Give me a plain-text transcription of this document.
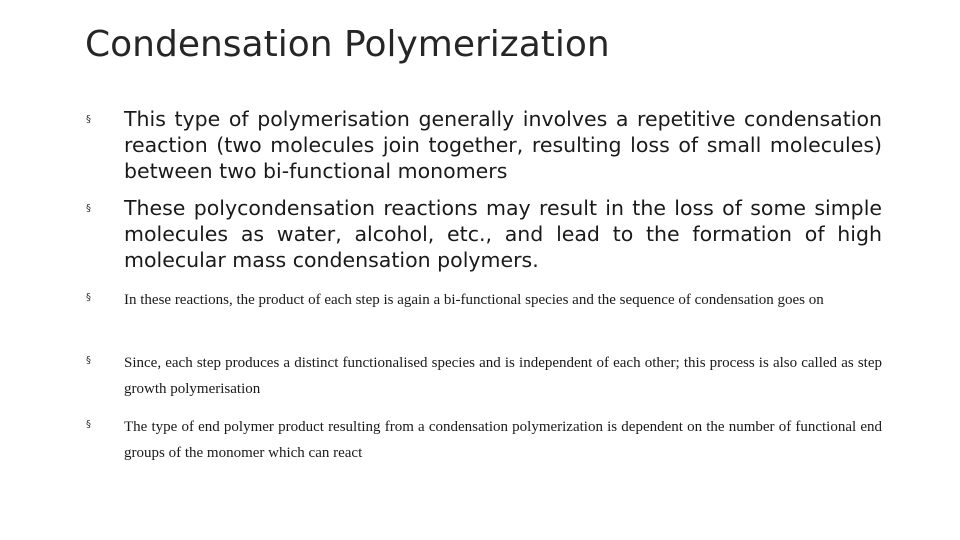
Condensation Polymerization
§ This type of polymerisation generally involves a repetitive condensation reaction (two molecules join together, resulting loss of small molecules) between two bi-functional monomers
§ These polycondensation reactions may result in the loss of some simple molecules as water, alcohol, etc., and lead to the formation of high molecular mass condensation polymers.
§ In these reactions, the product of each step is again a bi-functional species and the sequence of condensation goes on
§ Since, each step produces a distinct functionalised species and is independent of each other; this process is also called as step growth polymerisation
§ The type of end polymer product resulting from a condensation polymerization is dependent on the number of functional end groups of the monomer which can react
